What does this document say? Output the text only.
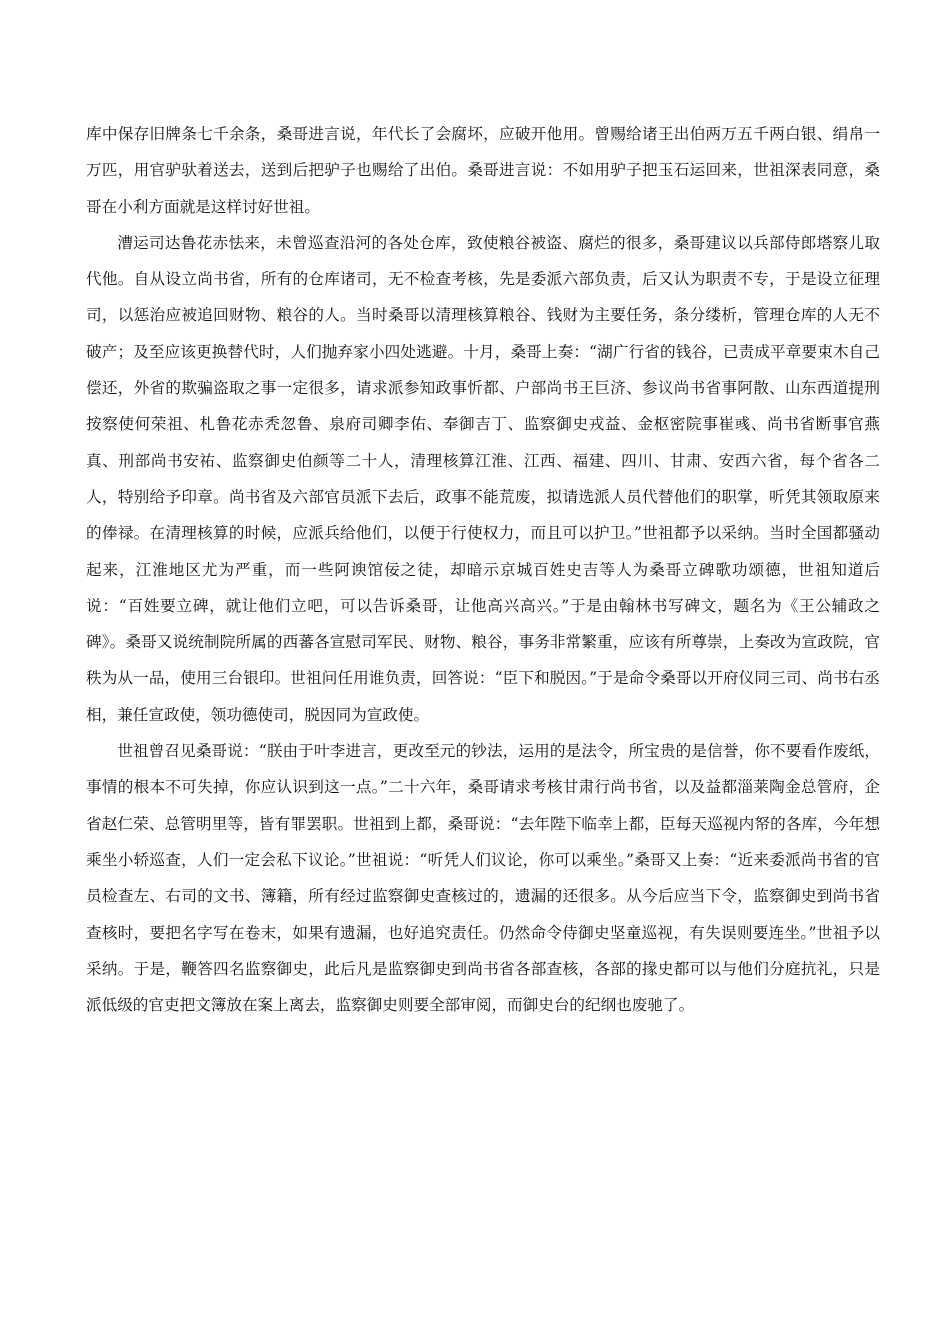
库中保存旧牌条七千余条，桑哥进言说，年代长了会腐坏，应破开他用。曾赐给诸王出伯两万五千两白银、绢帛一万匹，用官驴驮着送去，送到后把驴子也赐给了出伯。桑哥进言说：不如用驴子把玉石运回来，世祖深表同意，桑哥在小利方面就是这样讨好世祖。

漕运司达鲁花赤怯来，未曾巡查沿河的各处仓库，致使粮谷被盗、腐烂的很多，桑哥建议以兵部侍郎塔察儿取代他。自从设立尚书省，所有的仓库诸司，无不检查考核，先是委派六部负责，后又认为职责不专，于是设立征理司，以惩治应被追回财物、粮谷的人。当时桑哥以清理核算粮谷、钱财为主要任务，条分缕析，管理仓库的人无不破产；及至应该更换替代时，人们抛弃家小四处逃避。十月，桑哥上奏：“湖广行省的钱谷，已责成平章要束木自己偿还，外省的欺骗盗取之事一定很多，请求派参知政事忻都、户部尚书王巨济、参议尚书省事阿散、山东西道提刑按察使何荣祖、札鲁花赤秃忽鲁、泉府司卿李佑、奉御吉丁、监察御史戎益、金枢密院事崔彧、尚书省断事官燕真、刑部尚书安祐、监察御史伯颜等二十人，清理核算江淮、江西、福建、四川、甘肃、安西六省，每个省各二人，特别给予印章。尚书省及六部官员派下去后，政事不能荒废，拟请选派人员代替他们的职掌，听凭其领取原来的俸禄。在清理核算的时候，应派兵给他们，以便于行使权力，而且可以护卫。”世祖都予以采纳。当时全国都骚动起来，江淮地区尤为严重，而一些阿谀馆佞之徒，却暗示京城百姓史吉等人为桑哥立碑歌功颂德，世祖知道后说：“百姓要立碑，就让他们立吧，可以告诉桑哥，让他高兴高兴。”于是由翰林书写碑文，题名为《王公辅政之碑》。桑哥又说统制院所属的西蕃各宣慰司军民、财物、粮谷，事务非常繁重，应该有所尊崇，上奏改为宣政院，官秩为从一品，使用三台银印。世祖问任用谁负责，回答说：“臣下和脱因。”于是命令桑哥以开府仪同三司、尚书右丞相，兼任宣政使，领功德使司，脱因同为宣政使。

世祖曾召见桑哥说：“朕由于叶李进言，更改至元的钞法，运用的是法令，所宝贵的是信誉，你不要看作废纸，事情的根本不可失掉，你应认识到这一点。”二十六年，桑哥请求考核甘肃行尚书省，以及益都淄莱陶金总管府，企省赵仁荣、总管明里等，皆有罪罢职。世祖到上都，桑哥说：“去年陛下临幸上都，臣每天巡视内帑的各库，今年想乘坐小轿巡查，人们一定会私下议论。”世祖说：“听凭人们议论，你可以乘坐。”桑哥又上奏：“近来委派尚书省的官员检查左、右司的文书、簿籍，所有经过监察御史查核过的，遗漏的还很多。从今后应当下令，监察御史到尚书省查核时，要把名字写在卷末，如果有遗漏，也好追究责任。仍然命令侍御史坚童巡视，有失误则要连坐。”世祖予以采纳。于是，鞭答四名监察御史，此后凡是监察御史到尚书省各部查核，各部的掾史都可以与他们分庭抗礼，只是派低级的官吏把文簿放在案上离去，监察御史则要全部审阅，而御史台的纪纲也废驰了。
